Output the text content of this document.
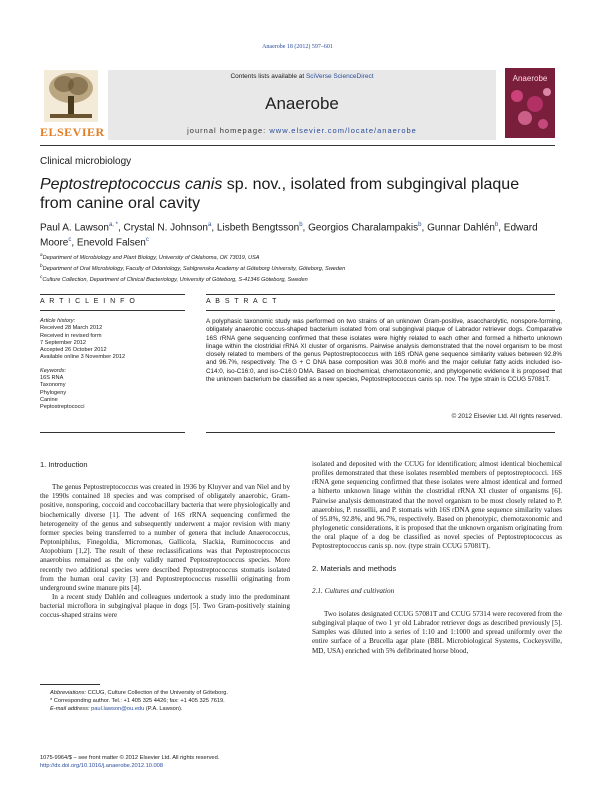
Anaerobe 18 (2012) 597–601
ELSEVIER
Contents lists available at SciVerse ScienceDirect
Anaerobe
journal homepage: www.elsevier.com/locate/anaerobe
Anaerobe
Clinical microbiology
Peptostreptococcus canis sp. nov., isolated from subgingival plaque from canine oral cavity
Paul A. Lawson$^{a, *}$, Crystal N. Johnson$^a$, Lisbeth Bengtsson$^b$, Georgios Charalampakis$^b$, Gunnar Dahlén$^b$, Edward Moore$^c$, Enevold Falsen$^c$
$^a$Department of Microbiology and Plant Biology, University of Oklahoma, OK 73019, USA
$^b$Department of Oral Microbiology, Faculty of Odontology, Sahlgrenska Academy at Göteborg University, Göteborg, Sweden
$^c$Culture Collection, Department of Clinical Bacteriology, University of Göteborg, S-41346 Göteborg, Sweden
A R T I C L E I N F O	A B S T R A C T
Article history:
Received 28 March 2012
Received in revised form
7 September 2012
Accepted 26 October 2012
Available online 3 November 2012
Keywords:
16S RNA
Taxonomy
Phylogeny
Canine
Peptostreptococci
A polyphasic taxonomic study was performed on two strains of an unknown Gram-positive, asaccharolytic, nonspore-forming, obligately anaerobic coccus-shaped bacterium isolated from oral subgingival plaque of Labrador retriever dogs. Comparative 16S rRNA gene sequencing confirmed that these isolates were highly related to each other and formed a hitherto unknown linage within the clostridial rRNA XI cluster of organisms. Pairwise analysis demonstrated that the novel organism to be most closely related to members of the genus Peptostreptococcus with 16S rDNA gene sequence similarity values between 92.8% and 96.7%, respectively. The G + C DNA base composition was 30.8 mol% and the major cellular fatty acids included iso-C14:0, iso-C16:0, and iso-C16:0 DMA. Based on biochemical, chemotaxonomic, and phylogenetic evidence it is proposed that the unknown bacterium be classified as a new species, Peptostreptococcus canis sp. nov. The type strain is CCUG 57081T.
© 2012 Elsevier Ltd. All rights reserved.
1. Introduction

The genus Peptostreptococcus was created in 1936 by Kluyver and van Niel and by the 1990s contained 18 species and was comprised of obligately anaerobic, Gram-positive, nonsporing, coccoid and coccobacillary bacteria that were physiologically and biochemically diverse [1]. The advent of 16S rRNA sequencing confirmed the heterogeneity of the genus and subsequently underwent a major revision with many former species being transferred to a number of genera that include Anaerococcus, Peptoniphilus, Finegoldia, Micromonas, Gallicola, Slackia, Ruminococcus and Atopobium [1,2]. The result of these reclassifications was that Peptostreptococcus anaerobius remained as the only validly named Peptostreptococcus species. More recently two additional species were described Peptostreptococcus stomatis isolated from the human oral cavity [3] and Peptostreptococcus russellii originating from underground swine manure pits [4].

In a recent study Dahlén and colleagues undertook a study into the predominant bacterial microflora in subgingival plaque in dogs [5]. Two Gram-positively staining coccus-shaped strains were

isolated and deposited with the CCUG for identification; almost identical biochemical profiles demonstrated that these isolates resembled members of peptostreptococci. 16S rRNA gene sequencing confirmed that these isolates were almost identical and formed a hitherto unknown linage within the clostridial rRNA XI cluster of organisms [6]. Pairwise analysis demonstrated that the novel organism to be most closely related to P. anaerobius, P. russellii, and P. stomatis with 16S rDNA gene sequence similarity values of 95.8%, 92.8%, and 96.7%, respectively. Based on phenotypic, chemotaxonomic and phylogenetic considerations, it is proposed that the unknown organism originating from the oral plaque of a dog be classified as novel species of Peptostreptococcus as Peptostreptococcus canis sp. nov. (type strain CCUG 57081T).

2. Materials and methods
2.1. Cultures and cultivation

Two isolates designated CCUG 57081T and CCUG 57314 were recovered from the subgingival plaque of two 1 yr old Labrador retriever dogs as described previously [5]. Samples was diluted into a series of 1:10 and 1:1000 and spread uniformly over the entire surface of a Brucella agar plate (BBL Microbiological Systems, Cockeysville, MD, USA) enriched with 5% defibrinated horse blood,

Abbreviations: CCUG, Culture Collection of the University of Göteborg.
* Corresponding author. Tel.: +1 405 325 4426; fax: +1 405 325 7619.
E-mail address: paul.lawson@ou.edu (P.A. Lawson).
1075-9964/$ – see front matter © 2012 Elsevier Ltd. All rights reserved.
http://dx.doi.org/10.1016/j.anaerobe.2012.10.008
